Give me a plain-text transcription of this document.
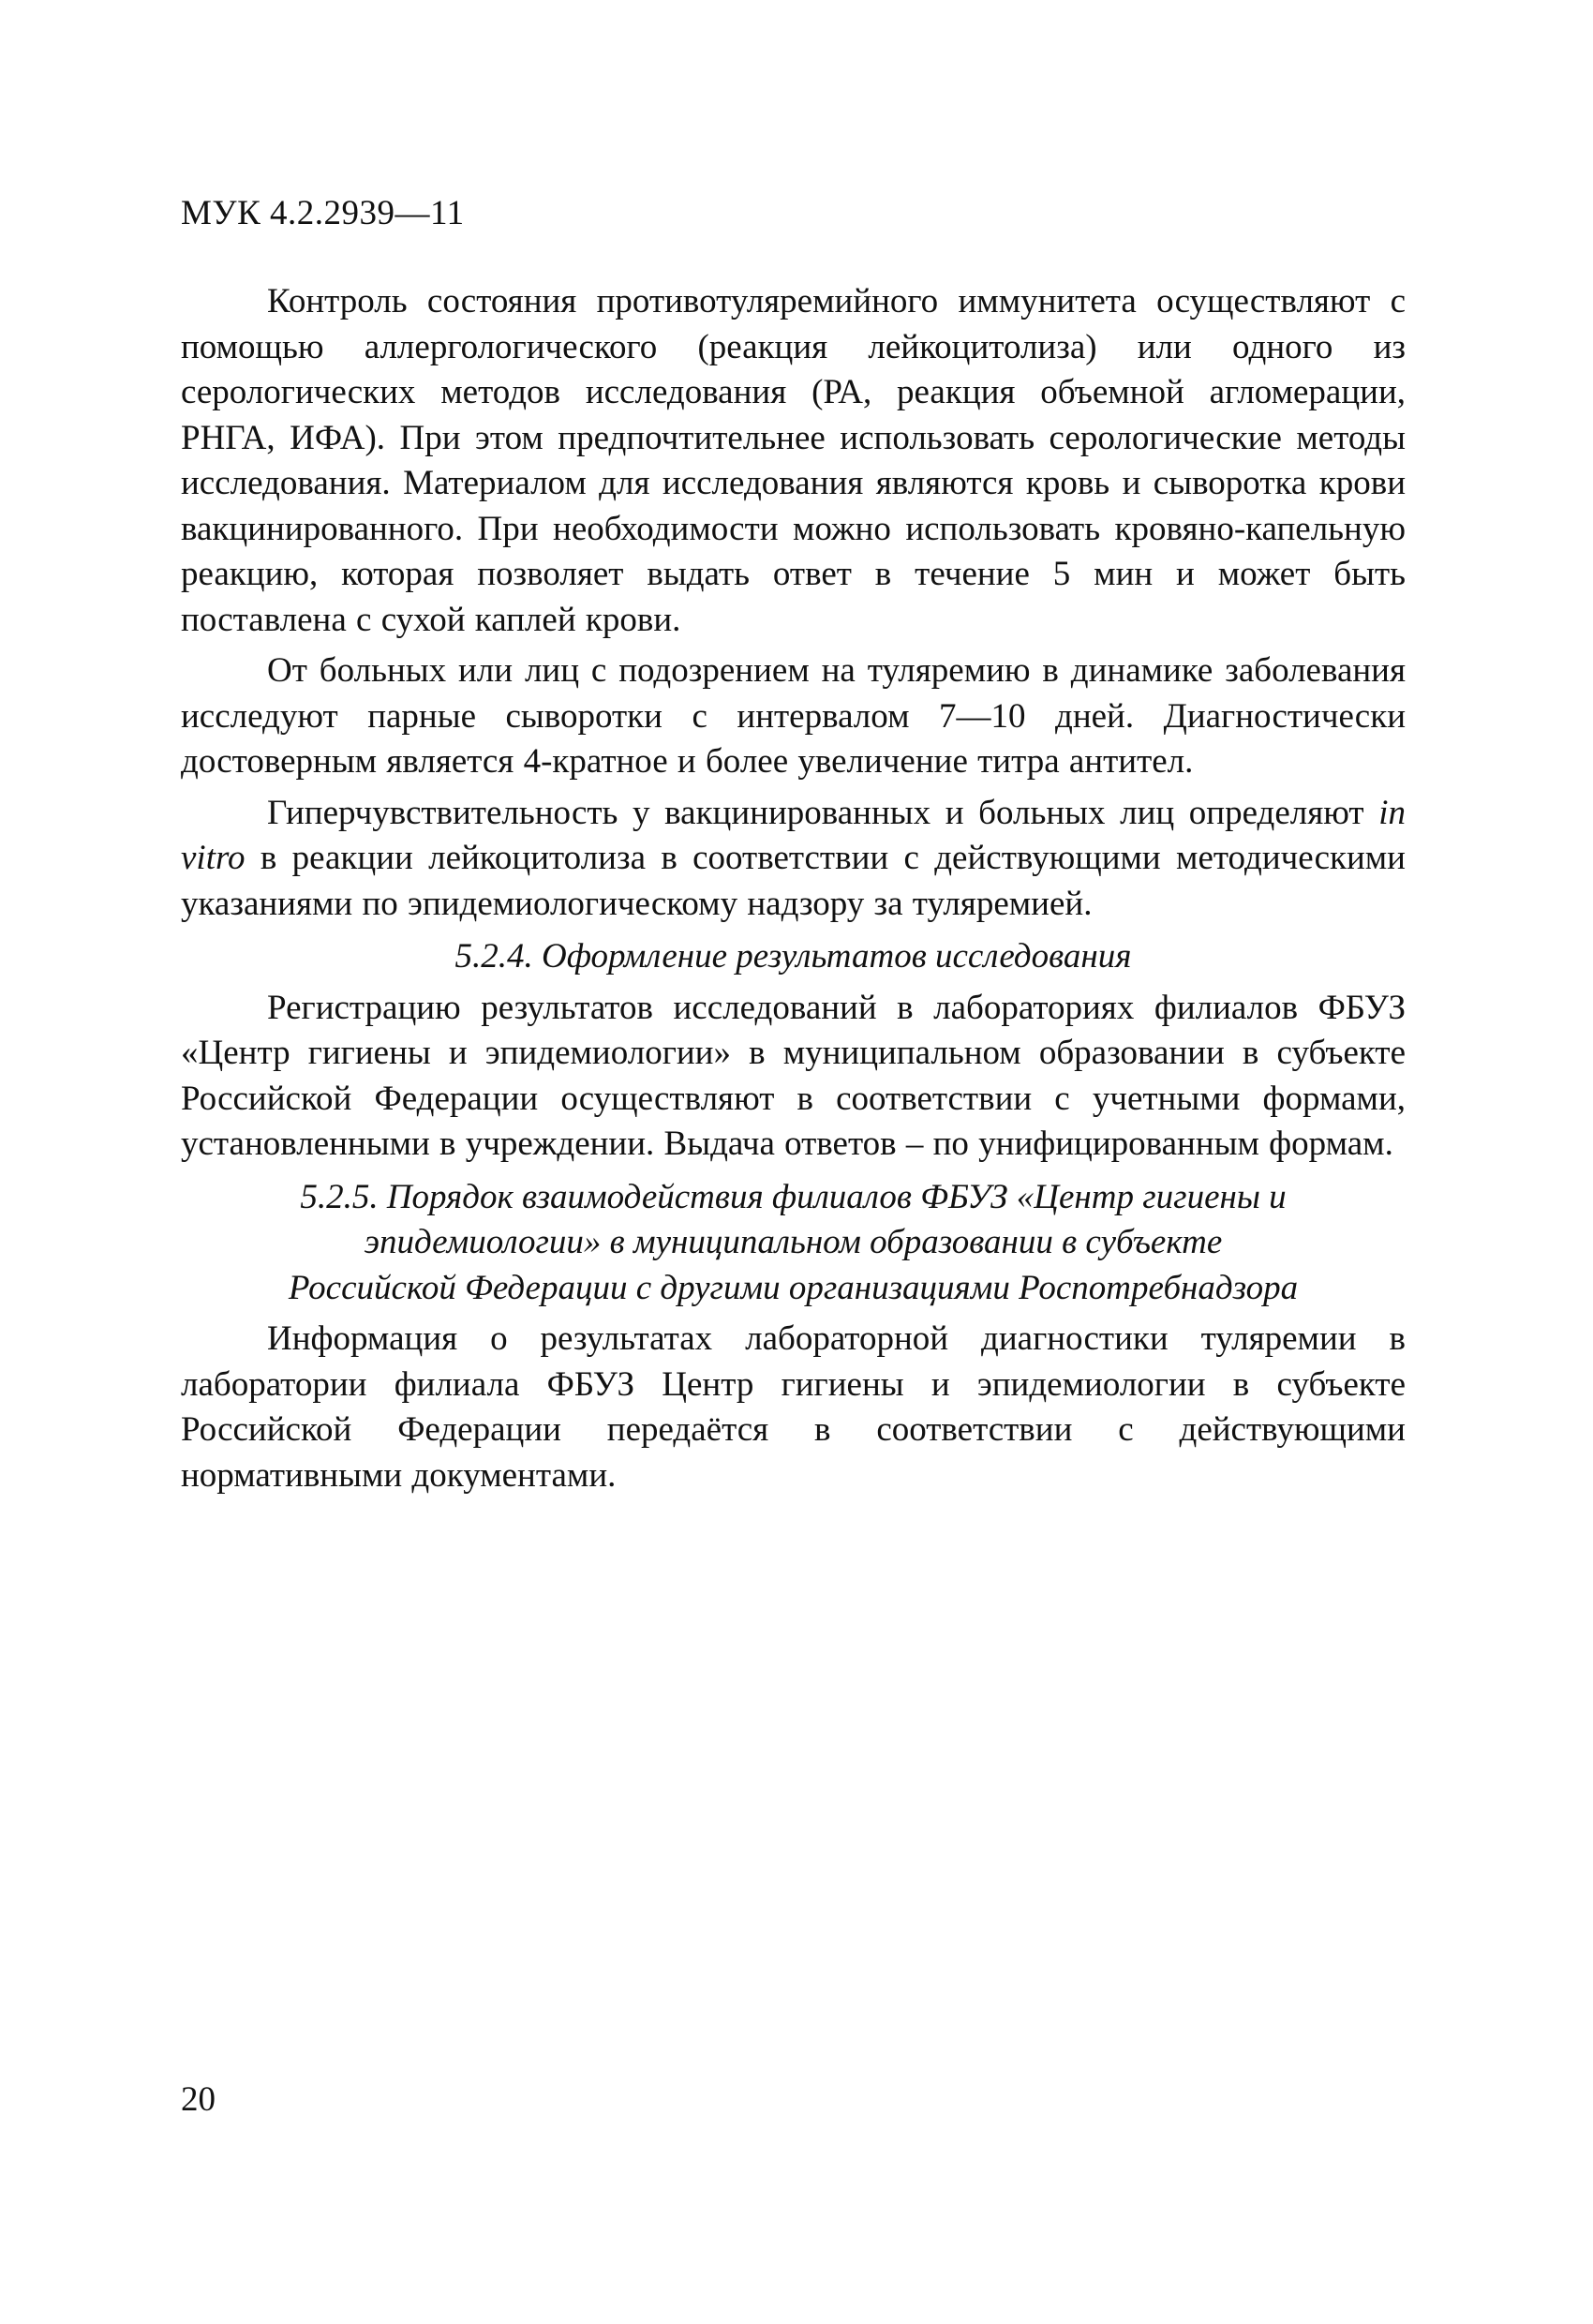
МУК 4.2.2939—11

Контроль состояния противотуляремийного иммунитета осуществляют с помощью аллергологического (реакция лейкоцитолиза) или одного из серологических методов исследования (РА, реакция объемной агломерации, РНГА, ИФА). При этом предпочтительнее использовать серологические методы исследования. Материалом для исследования являются кровь и сыворотка крови вакцинированного. При необходимости можно использовать кровяно-капельную реакцию, которая позволяет выдать ответ в течение 5 мин и может быть поставлена с сухой каплей крови.

От больных или лиц с подозрением на туляремию в динамике заболевания исследуют парные сыворотки с интервалом 7—10 дней. Диагностически достоверным является 4-кратное и более увеличение титра антител.

Гиперчувствительность у вакцинированных и больных лиц определяют in vitro в реакции лейкоцитолиза в соответствии с действующими методическими указаниями по эпидемиологическому надзору за туляремией.

5.2.4. Оформление результатов исследования

Регистрацию результатов исследований в лабораториях филиалов ФБУЗ «Центр гигиены и эпидемиологии» в муниципальном образовании в субъекте Российской Федерации осуществляют в соответствии с учетными формами, установленными в учреждении. Выдача ответов – по унифицированным формам.

5.2.5. Порядок взаимодействия филиалов ФБУЗ «Центр гигиены и
эпидемиологии» в муниципальном образовании в субъекте
Российской Федерации с другими организациями Роспотребнадзора

Информация о результатах лабораторной диагностики туляремии в лаборатории филиала ФБУЗ Центр гигиены и эпидемиологии в субъекте Российской Федерации передаётся в соответствии с действующими нормативными документами.

20
